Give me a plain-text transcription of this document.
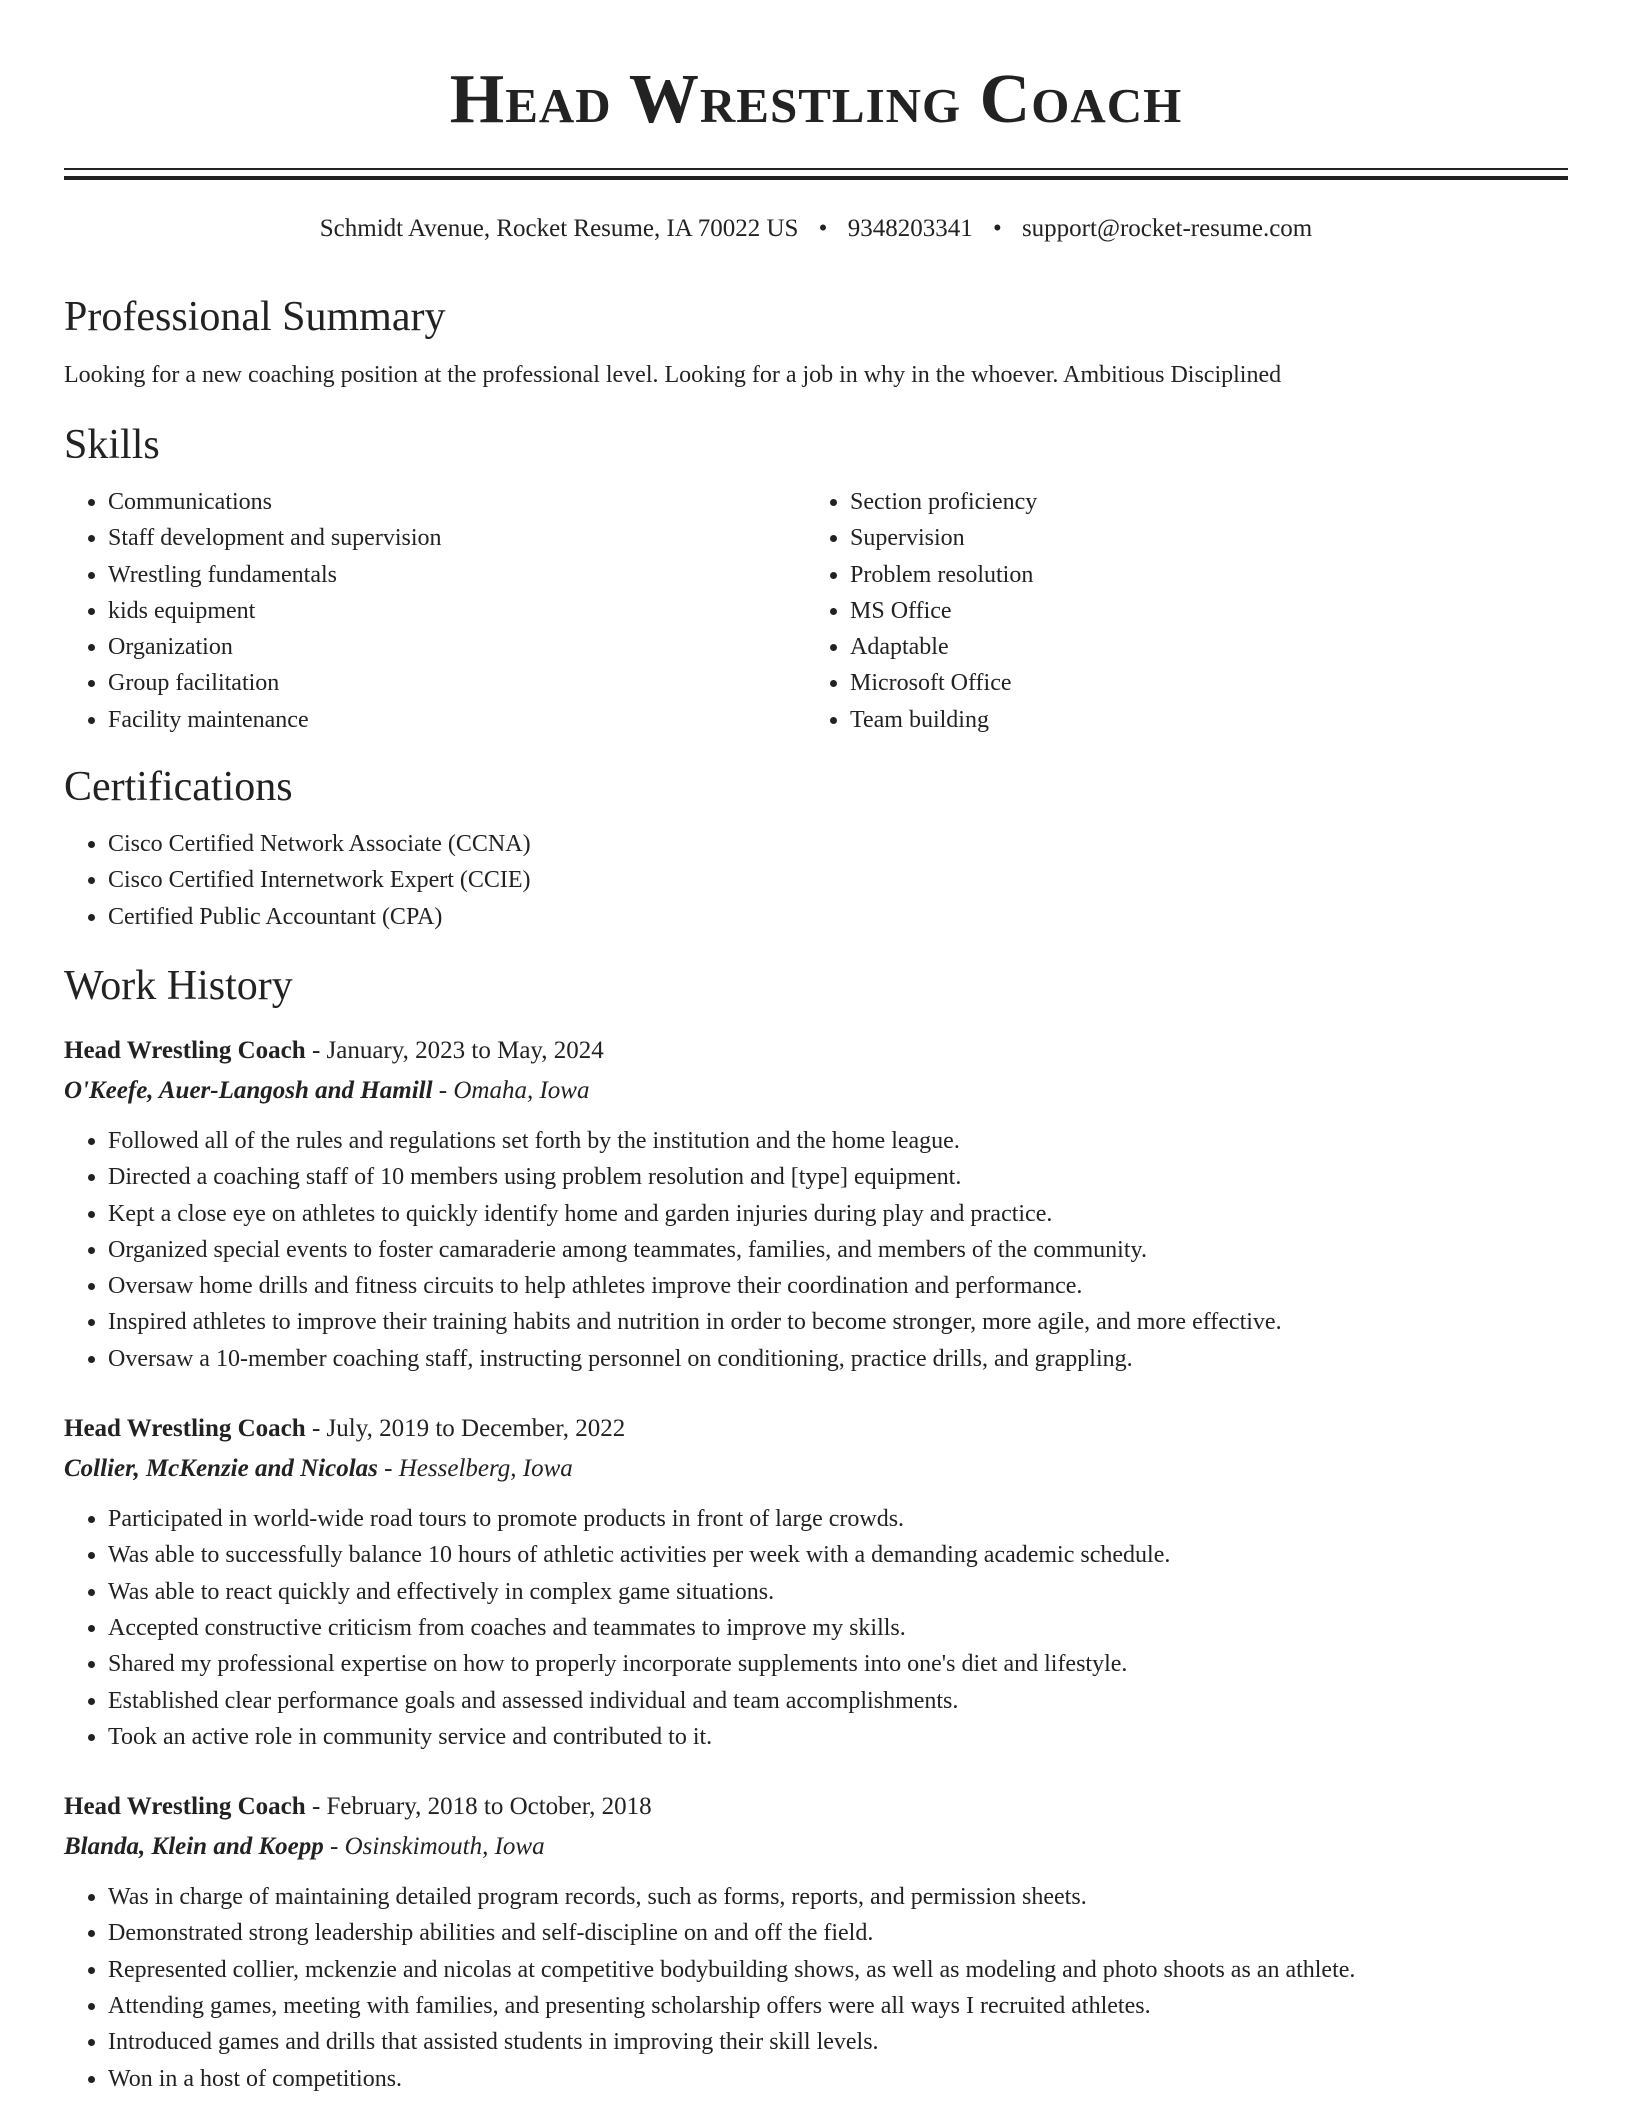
Head Wrestling Coach
Schmidt Avenue, Rocket Resume, IA 70022 US • 9348203341 • support@rocket-resume.com
Professional Summary
Looking for a new coaching position at the professional level. Looking for a job in why in the whoever. Ambitious Disciplined
Skills
• Communications
• Staff development and supervision
• Wrestling fundamentals
• kids equipment
• Organization
• Group facilitation
• Facility maintenance
• Section proficiency
• Supervision
• Problem resolution
• MS Office
• Adaptable
• Microsoft Office
• Team building
Certifications
• Cisco Certified Network Associate (CCNA)
• Cisco Certified Internetwork Expert (CCIE)
• Certified Public Accountant (CPA)
Work History
Head Wrestling Coach - January, 2023 to May, 2024
O'Keefe, Auer-Langosh and Hamill - Omaha, Iowa
• Followed all of the rules and regulations set forth by the institution and the home league.
• Directed a coaching staff of 10 members using problem resolution and [type] equipment.
• Kept a close eye on athletes to quickly identify home and garden injuries during play and practice.
• Organized special events to foster camaraderie among teammates, families, and members of the community.
• Oversaw home drills and fitness circuits to help athletes improve their coordination and performance.
• Inspired athletes to improve their training habits and nutrition in order to become stronger, more agile, and more effective.
• Oversaw a 10-member coaching staff, instructing personnel on conditioning, practice drills, and grappling.
Head Wrestling Coach - July, 2019 to December, 2022
Collier, McKenzie and Nicolas - Hesselberg, Iowa
• Participated in world-wide road tours to promote products in front of large crowds.
• Was able to successfully balance 10 hours of athletic activities per week with a demanding academic schedule.
• Was able to react quickly and effectively in complex game situations.
• Accepted constructive criticism from coaches and teammates to improve my skills.
• Shared my professional expertise on how to properly incorporate supplements into one's diet and lifestyle.
• Established clear performance goals and assessed individual and team accomplishments.
• Took an active role in community service and contributed to it.
Head Wrestling Coach - February, 2018 to October, 2018
Blanda, Klein and Koepp - Osinskimouth, Iowa
• Was in charge of maintaining detailed program records, such as forms, reports, and permission sheets.
• Demonstrated strong leadership abilities and self-discipline on and off the field.
• Represented collier, mckenzie and nicolas at competitive bodybuilding shows, as well as modeling and photo shoots as an athlete.
• Attending games, meeting with families, and presenting scholarship offers were all ways I recruited athletes.
• Introduced games and drills that assisted students in improving their skill levels.
• Won in a host of competitions.
